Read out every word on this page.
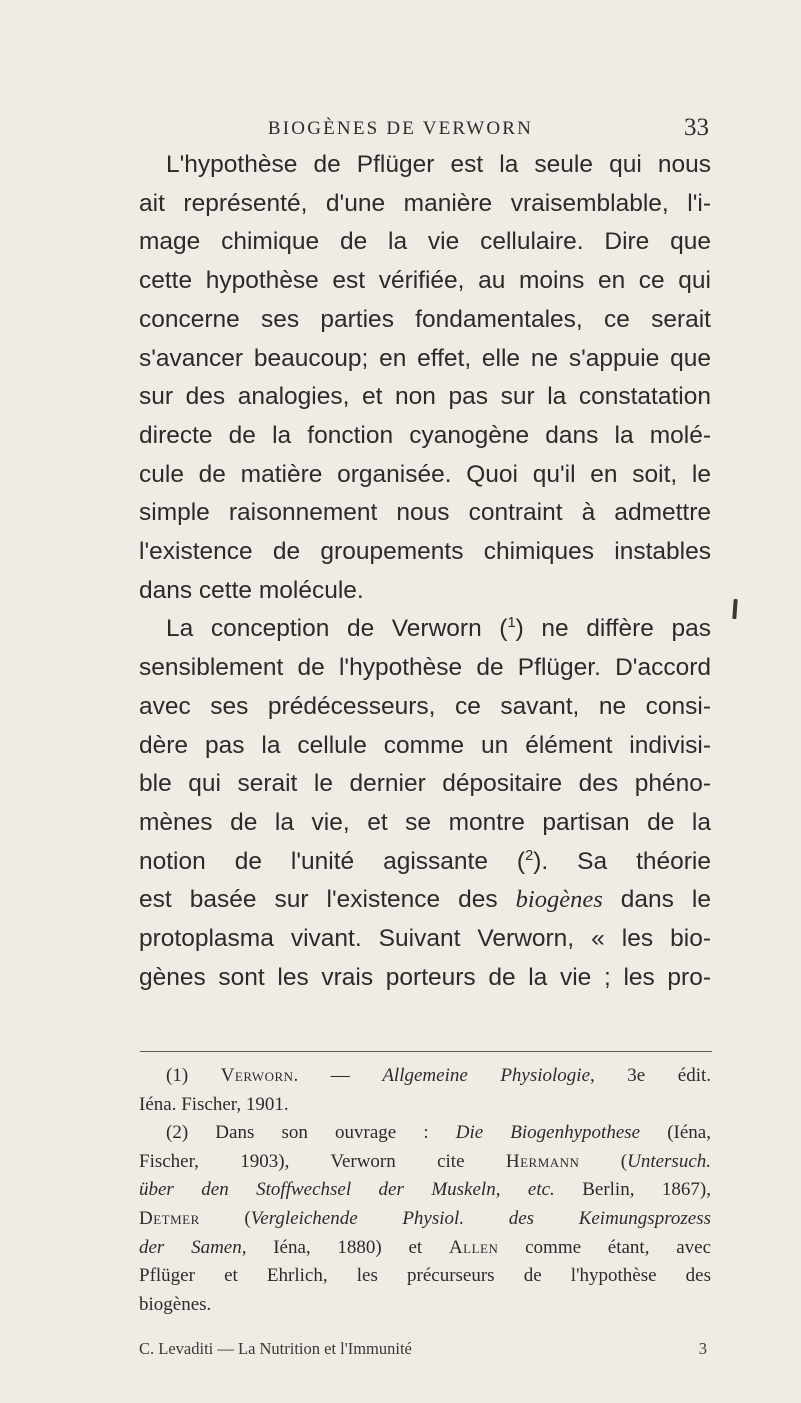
BIOGÈNES DE VERWORN	33

L'hypothèse de Pflüger est la seule qui nous
ait représenté, d'une manière vraisemblable, l'i-
mage chimique de la vie cellulaire. Dire que
cette hypothèse est vérifiée, au moins en ce qui
concerne ses parties fondamentales, ce serait
s'avancer beaucoup; en effet, elle ne s'appuie que
sur des analogies, et non pas sur la constatation
directe de la fonction cyanogène dans la molé-
cule de matière organisée. Quoi qu'il en soit, le
simple raisonnement nous contraint à admettre
l'existence de groupements chimiques instables
dans cette molécule.

La conception de Verworn ($^1$) ne diffère pas
sensiblement de l'hypothèse de Pflüger. D'accord
avec ses prédécesseurs, ce savant, ne consi-
dère pas la cellule comme un élément indivisi-
ble qui serait le dernier dépositaire des phéno-
mènes de la vie, et se montre partisan de la
notion de l'unité agissante ($^2$). Sa théorie
est basée sur l'existence des biogènes dans le
protoplasma vivant. Suivant Verworn, « les bio-
gènes sont les vrais porteurs de la vie ; les pro-

(1) Verworn. — Allgemeine Physiologie, 3e édit.
Iéna. Fischer, 1901.
(2) Dans son ouvrage : Die Biogenhypothese (Iéna,
Fischer, 1903), Verworn cite Hermann (Untersuch.
über den Stoffwechsel der Muskeln, etc. Berlin, 1867),
Detmer (Vergleichende Physiol. des Keimungsprozess
der Samen, Iéna, 1880) et Allen comme étant, avec
Pflüger et Ehrlich, les précurseurs de l'hypothèse des
biogènes.
C. Levaditi — La Nutrition et l'Immunité	3
